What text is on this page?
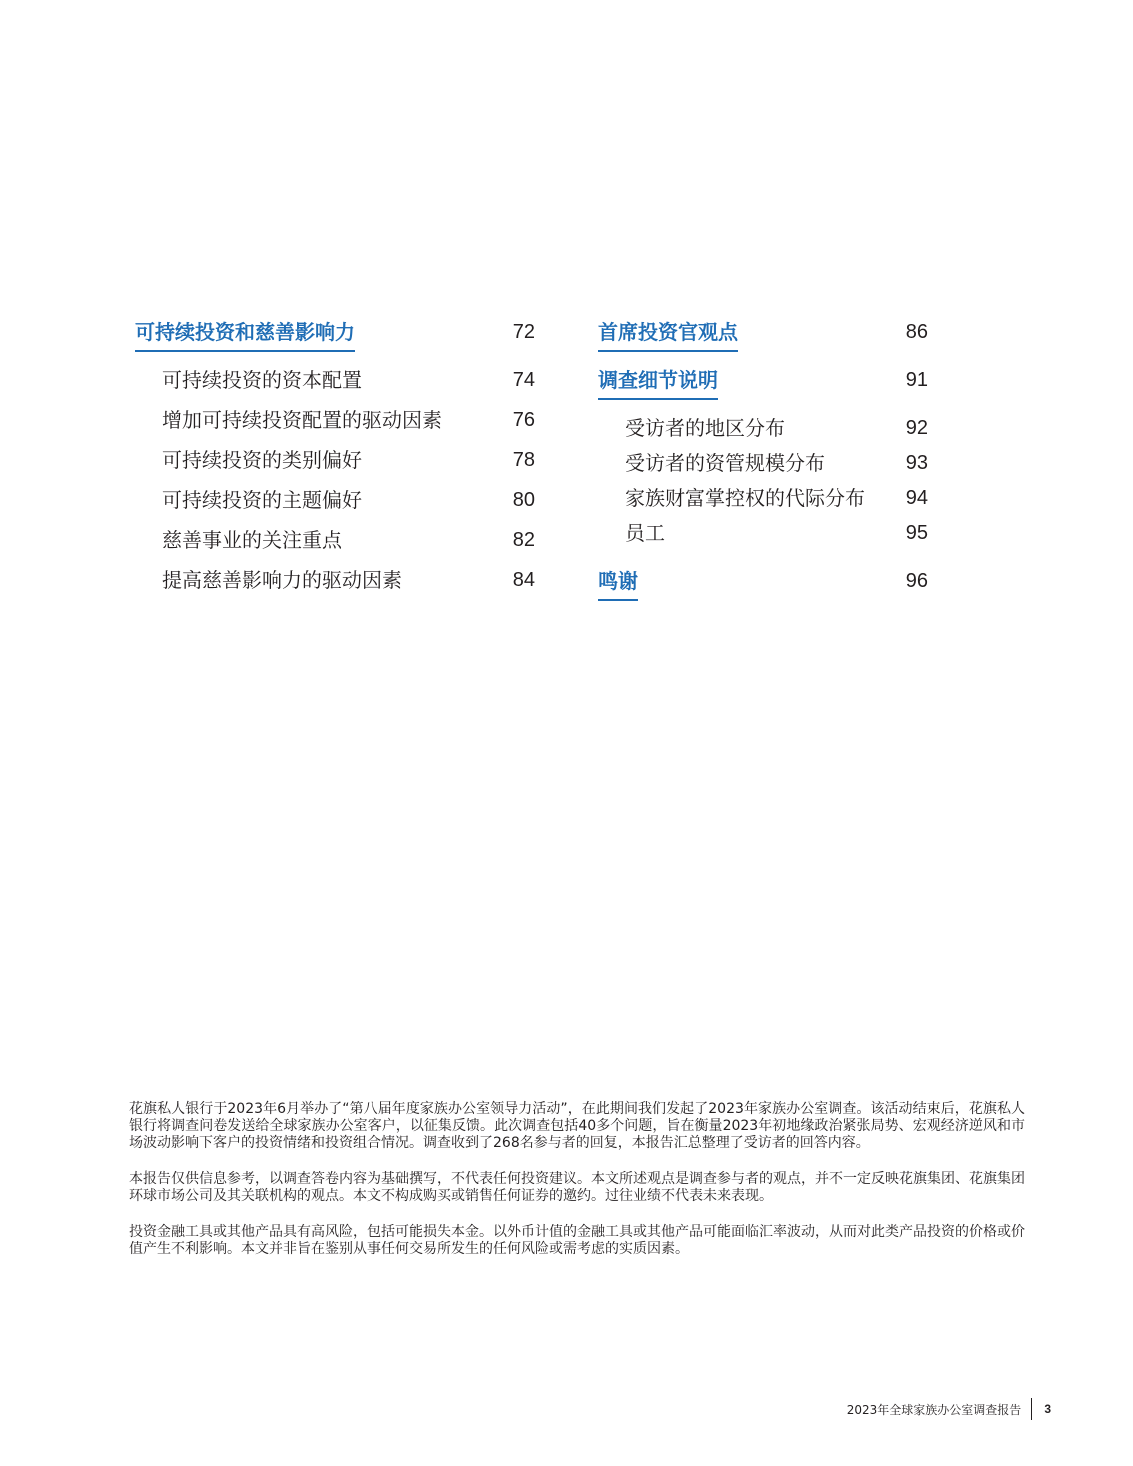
可持续投资和慈善影响力	72
可持续投资的资本配置	74
增加可持续投资配置的驱动因素	76
可持续投资的类别偏好	78
可持续投资的主题偏好	80
慈善事业的关注重点	82
提高慈善影响力的驱动因素	84
首席投资官观点	86
调查细节说明	91
受访者的地区分布	92
受访者的资管规模分布	93
家族财富掌控权的代际分布 94
员工	95
鸣谢	96

花旗私人银行于2023年6月举办了“第八届年度家族办公室领导力活动”，在此期间我们发起了2023年家族办公室调查。该活动结束后，花旗私人银行将调查问卷发送给全球家族办公室客户，以征集反馈。此次调查包括40多个问题，旨在衡量2023年初地缘政治紧张局势、宏观经济逆风和市场波动影响下客户的投资情绪和投资组合情况。调查收到了268名参与者的回复，本报告汇总整理了受访者的回答内容。

本报告仅供信息参考，以调查答卷内容为基础撰写，不代表任何投资建议。本文所述观点是调查参与者的观点，并不一定反映花旗集团、花旗集团环球市场公司及其关联机构的观点。本文不构成购买或销售任何证券的邀约。过往业绩不代表未来表现。

投资金融工具或其他产品具有高风险，包括可能损失本金。以外币计值的金融工具或其他产品可能面临汇率波动，从而对此类产品投资的价格或价值产生不利影响。本文并非旨在鉴别从事任何交易所发生的任何风险或需考虑的实质因素。

2023年全球家族办公室调查报告	3
